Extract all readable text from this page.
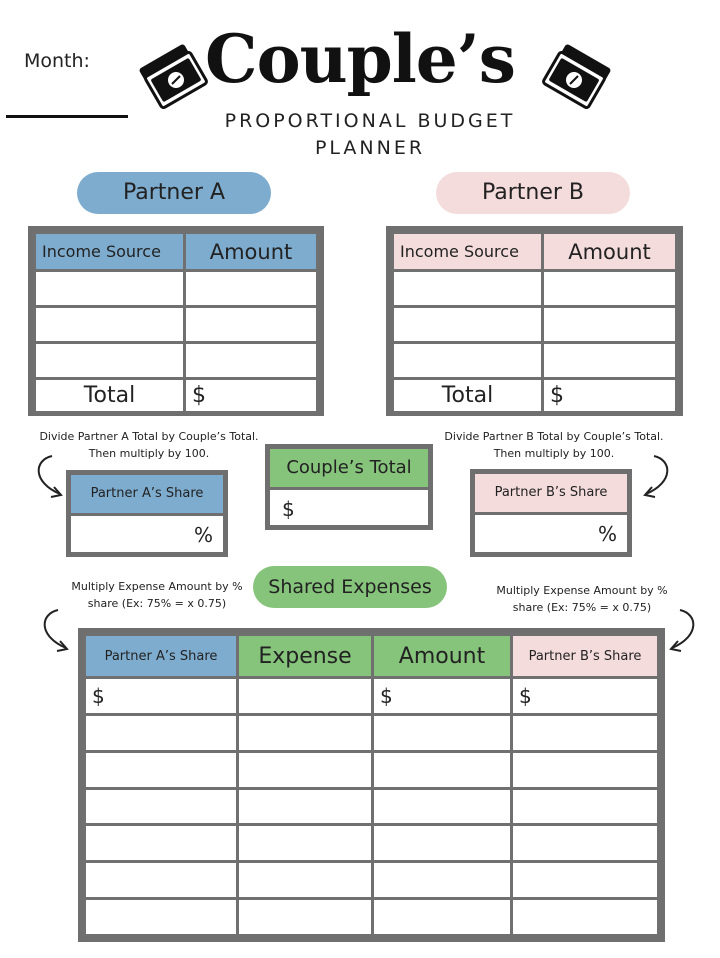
Month:	Couple’s
PROPORTIONAL BUDGET
PLANNER
Partner A	Partner B
Income Source	Amount

Total	$
Income Source	Amount

Total	$
Divide Partner A Total by Couple’s Total. Then multiply by 100.
Divide Partner B Total by Couple’s Total. Then multiply by 100.
Partner A’s Share
%
Couple’s Total
$
Partner B’s Share
%
Shared Expenses
Multiply Expense Amount by % share (Ex: 75% = x 0.75)
Multiply Expense Amount by % share (Ex: 75% = x 0.75)
Partner A’s Share	Expense	Amount	Partner B’s Share
$		$	$
